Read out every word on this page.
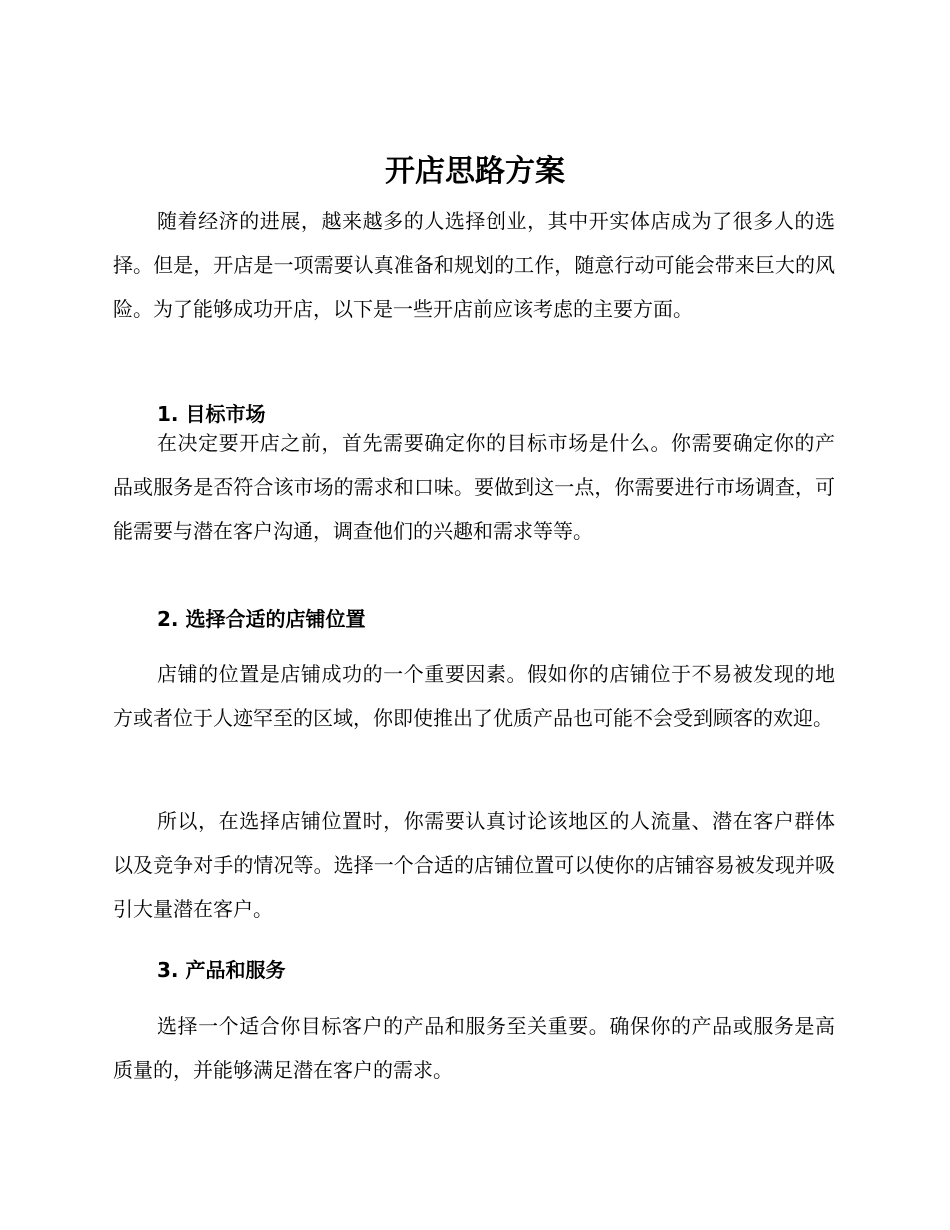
开店思路方案

随着经济的进展，越来越多的人选择创业，其中开实体店成为了很多人的选择。但是，开店是一项需要认真准备和规划的工作，随意行动可能会带来巨大的风险。为了能够成功开店，以下是一些开店前应该考虑的主要方面。

1. 目标市场

在决定要开店之前，首先需要确定你的目标市场是什么。你需要确定你的产品或服务是否符合该市场的需求和口味。要做到这一点，你需要进行市场调查，可能需要与潜在客户沟通，调查他们的兴趣和需求等等。

2. 选择合适的店铺位置

店铺的位置是店铺成功的一个重要因素。假如你的店铺位于不易被发现的地方或者位于人迹罕至的区域，你即使推出了优质产品也可能不会受到顾客的欢迎。

所以，在选择店铺位置时，你需要认真讨论该地区的人流量、潜在客户群体以及竞争对手的情况等。选择一个合适的店铺位置可以使你的店铺容易被发现并吸引大量潜在客户。

3. 产品和服务

选择一个适合你目标客户的产品和服务至关重要。确保你的产品或服务是高质量的，并能够满足潜在客户的需求。
